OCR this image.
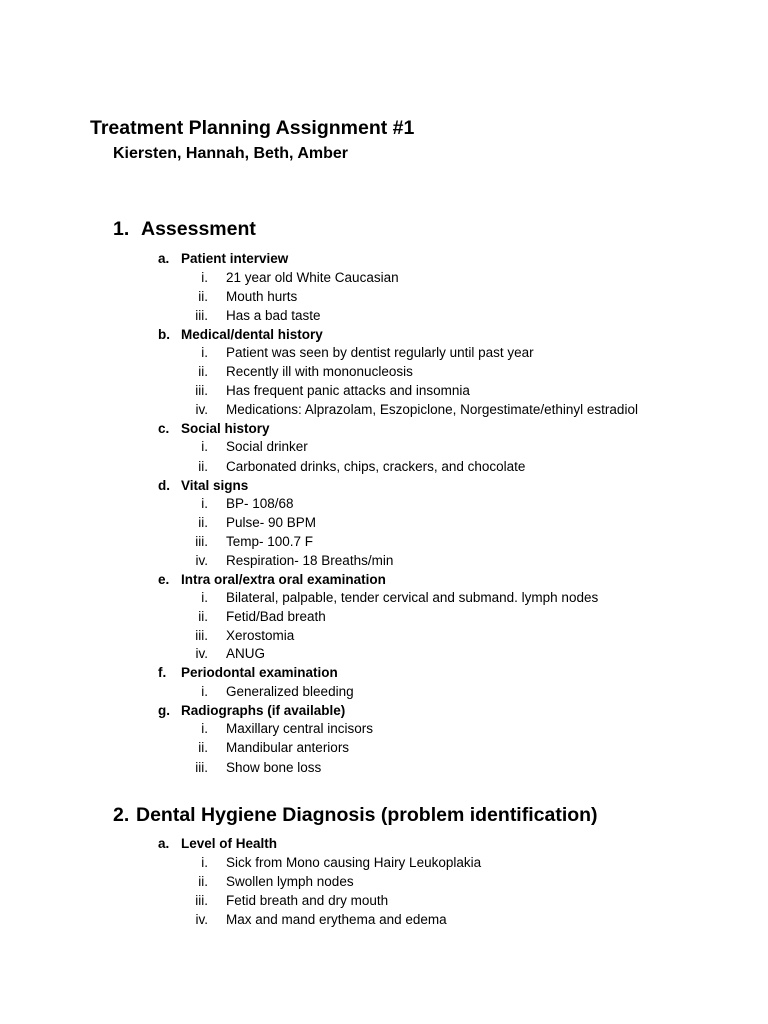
Treatment Planning Assignment #1
Kiersten, Hannah, Beth, Amber
1. Assessment
a. Patient interview
i. 21 year old White Caucasian
ii. Mouth hurts
iii. Has a bad taste
b. Medical/dental history
i. Patient was seen by dentist regularly until past year
ii. Recently ill with mononucleosis
iii. Has frequent panic attacks and insomnia
iv. Medications: Alprazolam, Eszopiclone, Norgestimate/ethinyl estradiol
c. Social history
i. Social drinker
ii. Carbonated drinks, chips, crackers, and chocolate
d. Vital signs
i. BP- 108/68
ii. Pulse- 90 BPM
iii. Temp- 100.7 F
iv. Respiration- 18 Breaths/min
e. Intra oral/extra oral examination
i. Bilateral, palpable, tender cervical and submand. lymph nodes
ii. Fetid/Bad breath
iii. Xerostomia
iv. ANUG
f. Periodontal examination
i. Generalized bleeding
g. Radiographs (if available)
i. Maxillary central incisors
ii. Mandibular anteriors
iii. Show bone loss
2. Dental Hygiene Diagnosis (problem identification)
a. Level of Health
i. Sick from Mono causing Hairy Leukoplakia
ii. Swollen lymph nodes
iii. Fetid breath and dry mouth
iv. Max and mand erythema and edema
